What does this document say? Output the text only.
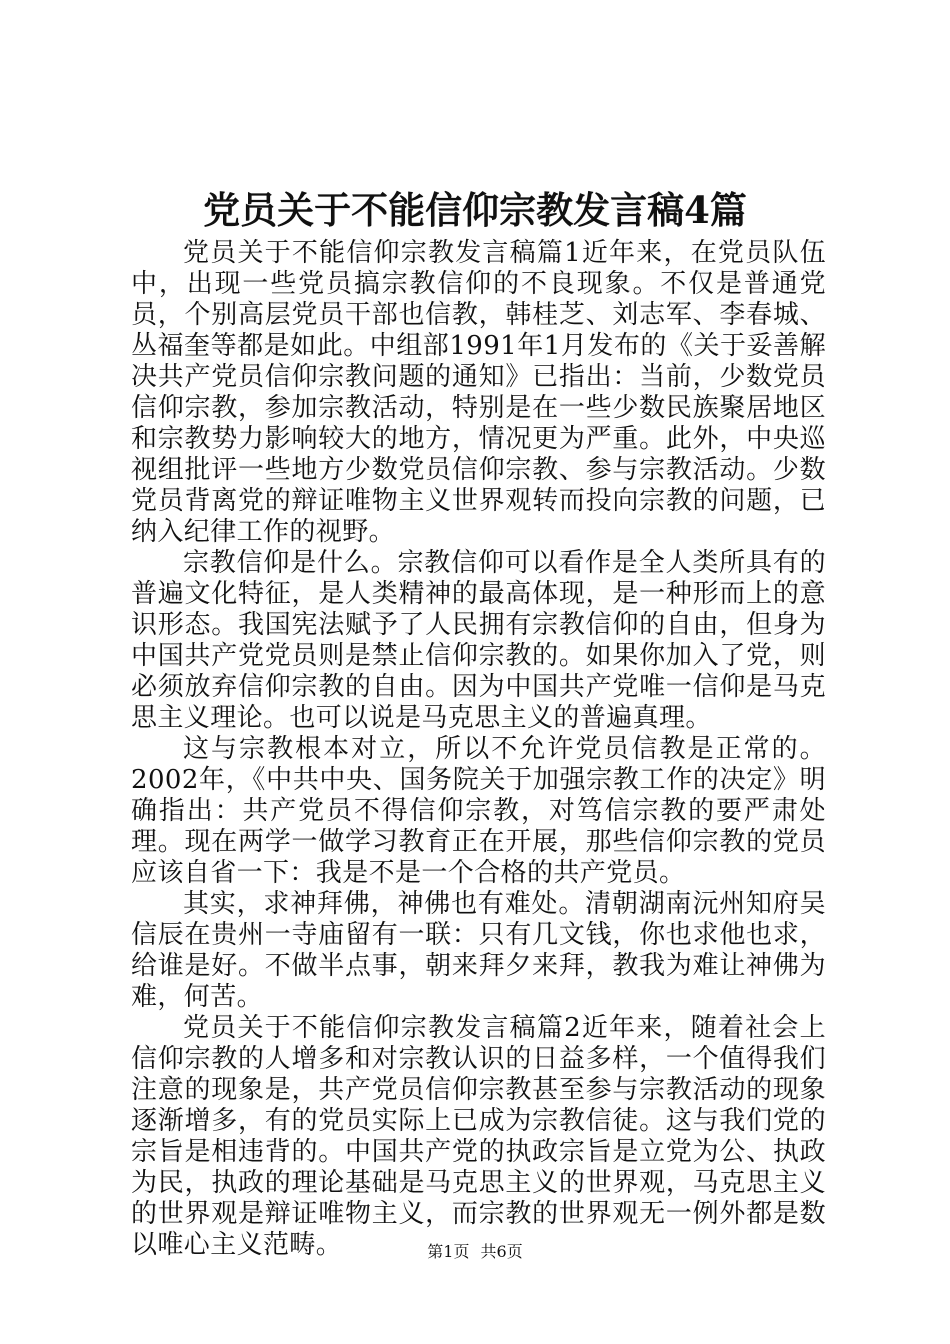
党员关于不能信仰宗教发言稿4篇

党员关于不能信仰宗教发言稿篇1近年来，在党员队伍中，出现一些党员搞宗教信仰的不良现象。不仅是普通党员，个别高层党员干部也信教，韩桂芝、刘志军、李春城、丛福奎等都是如此。中组部1991年1月发布的《关于妥善解决共产党员信仰宗教问题的通知》已指出：当前，少数党员信仰宗教，参加宗教活动，特别是在一些少数民族聚居地区和宗教势力影响较大的地方，情况更为严重。此外，中央巡视组批评一些地方少数党员信仰宗教、参与宗教活动。少数党员背离党的辩证唯物主义世界观转而投向宗教的问题，已纳入纪律工作的视野。

宗教信仰是什么。宗教信仰可以看作是全人类所具有的普遍文化特征，是人类精神的最高体现，是一种形而上的意识形态。我国宪法赋予了人民拥有宗教信仰的自由，但身为中国共产党党员则是禁止信仰宗教的。如果你加入了党，则必须放弃信仰宗教的自由。因为中国共产党唯一信仰是马克思主义理论。也可以说是马克思主义的普遍真理。

这与宗教根本对立，所以不允许党员信教是正常的。2002年，《中共中央、国务院关于加强宗教工作的决定》明确指出：共产党员不得信仰宗教，对笃信宗教的要严肃处理。现在两学一做学习教育正在开展，那些信仰宗教的党员应该自省一下：我是不是一个合格的共产党员。

其实，求神拜佛，神佛也有难处。清朝湖南沅州知府吴信辰在贵州一寺庙留有一联：只有几文钱，你也求他也求，给谁是好。不做半点事，朝来拜夕来拜，教我为难让神佛为难，何苦。

党员关于不能信仰宗教发言稿篇2近年来，随着社会上信仰宗教的人增多和对宗教认识的日益多样，一个值得我们注意的现象是，共产党员信仰宗教甚至参与宗教活动的现象逐渐增多，有的党员实际上已成为宗教信徒。这与我们党的宗旨是相违背的。中国共产党的执政宗旨是立党为公、执政为民，执政的理论基础是马克思主义的世界观，马克思主义的世界观是辩证唯物主义，而宗教的世界观无一例外都是数以唯心主义范畴。	第1页 共6页
